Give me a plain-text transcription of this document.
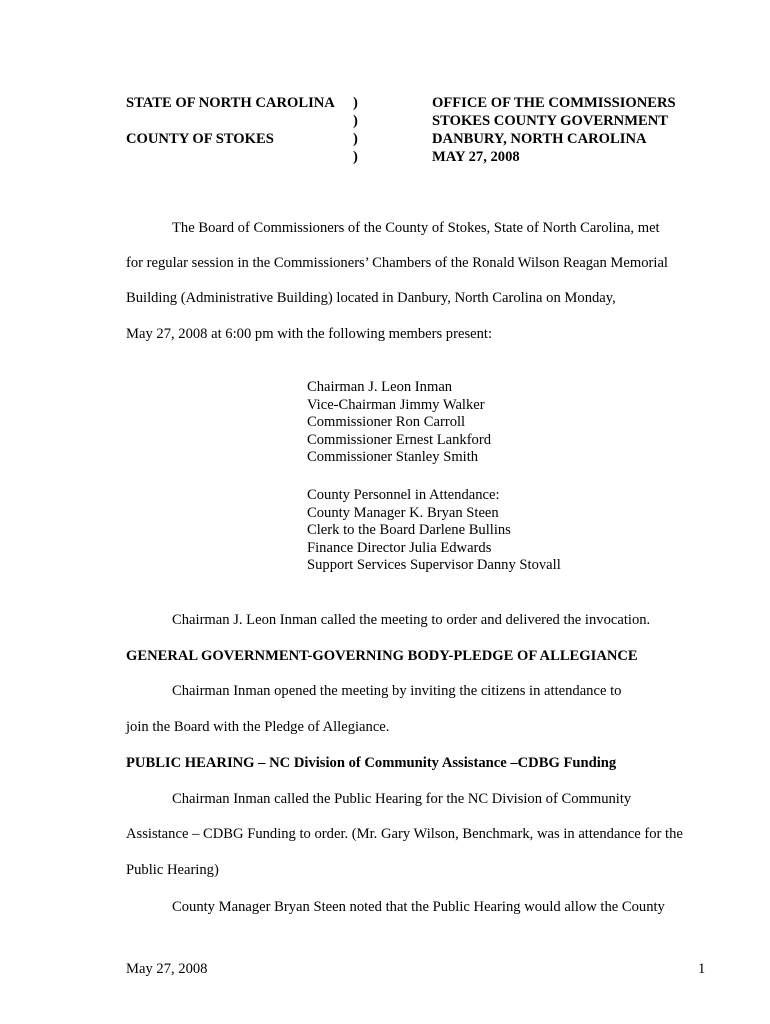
STATE OF NORTH CAROLINA
COUNTY OF STOKES
)
)
)
)
OFFICE OF THE COMMISSIONERS
STOKES COUNTY GOVERNMENT
DANBURY, NORTH CAROLINA
MAY 27, 2008
The Board of Commissioners of the County of Stokes, State of North Carolina, met
for regular session in the Commissioners’ Chambers of the Ronald Wilson Reagan Memorial
Building (Administrative Building) located in Danbury, North Carolina on Monday,
May 27, 2008 at 6:00 pm with the following members present:
Chairman J. Leon Inman
Vice-Chairman Jimmy Walker
Commissioner Ron Carroll
Commissioner Ernest Lankford
Commissioner Stanley Smith
County Personnel in Attendance:
County Manager K. Bryan Steen
Clerk to the Board Darlene Bullins
Finance Director Julia Edwards
Support Services Supervisor Danny Stovall
Chairman J. Leon Inman called the meeting to order and delivered the invocation.
GENERAL GOVERNMENT-GOVERNING BODY-PLEDGE OF ALLEGIANCE
Chairman Inman opened the meeting by inviting the citizens in attendance to
join the Board with the Pledge of Allegiance.
PUBLIC HEARING – NC Division of Community Assistance –CDBG Funding
Chairman Inman called the Public Hearing for the NC Division of Community
Assistance – CDBG Funding to order. (Mr. Gary Wilson, Benchmark, was in attendance for the
Public Hearing)
County Manager Bryan Steen noted that the Public Hearing would allow the County
May 27, 2008	1
